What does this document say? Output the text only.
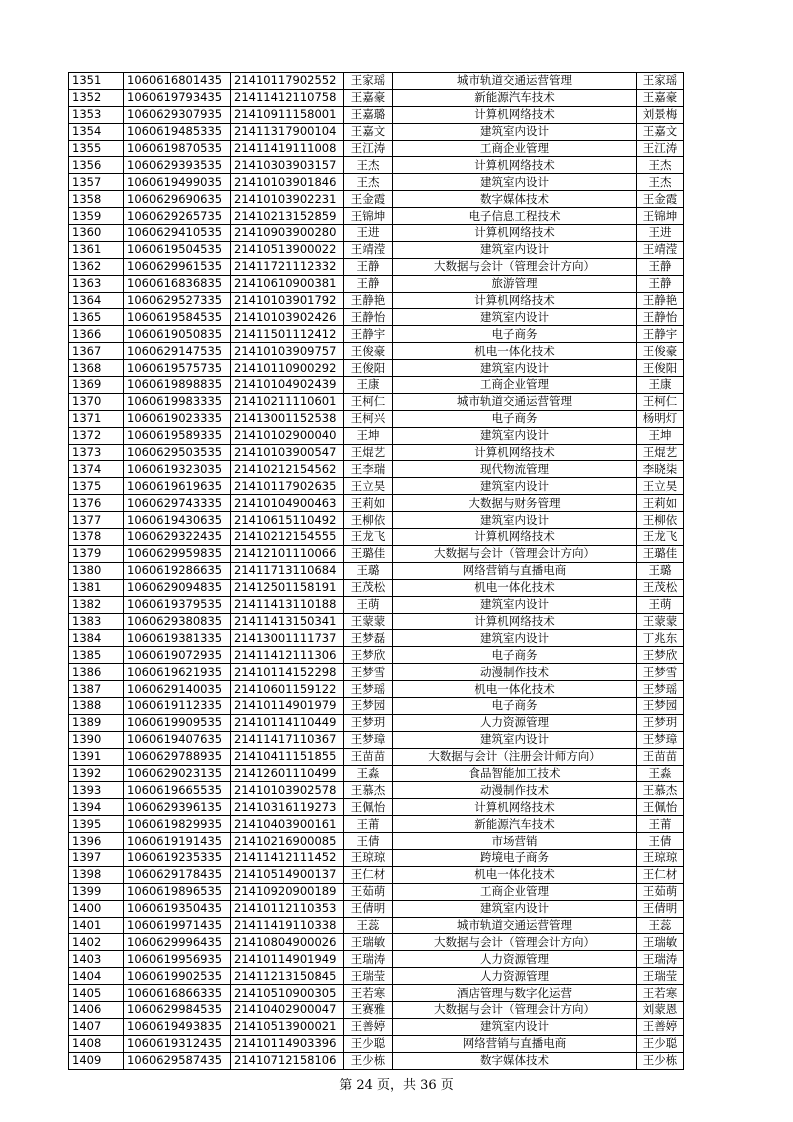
1351	1060616801435	21410117902552	王家瑶	城市轨道交通运营管理	王家瑶
1352	1060619793435	21411412110758	王嘉豪	新能源汽车技术	王嘉豪
1353	1060629307935	21410911158001	王嘉璐	计算机网络技术	刘景梅
1354	1060619485335	21411317900104	王嘉文	建筑室内设计	王嘉文
1355	1060619870535	21411419111008	王江涛	工商企业管理	王江涛
1356	1060629393535	21410303903157	王杰	计算机网络技术	王杰
1357	1060619499035	21410103901846	王杰	建筑室内设计	王杰
1358	1060629690635	21410103902231	王金霞	数字媒体技术	王金霞
1359	1060629265735	21410213152859	王锦坤	电子信息工程技术	王锦坤
1360	1060629410535	21410903900280	王进	计算机网络技术	王进
1361	1060619504535	21410513900022	王靖滢	建筑室内设计	王靖滢
1362	1060629961535	21411721112332	王静	大数据与会计（管理会计方向）	王静
1363	1060616836835	21410610900381	王静	旅游管理	王静
1364	1060629527335	21410103901792	王静艳	计算机网络技术	王静艳
1365	1060619584535	21410103902426	王静怡	建筑室内设计	王静怡
1366	1060619050835	21411501112412	王静宇	电子商务	王静宇
1367	1060629147535	21410103909757	王俊豪	机电一体化技术	王俊豪
1368	1060619575735	21410110900292	王俊阳	建筑室内设计	王俊阳
1369	1060619898835	21410104902439	王康	工商企业管理	王康
1370	1060619983335	21410211110601	王柯仁	城市轨道交通运营管理	王柯仁
1371	1060619023335	21413001152538	王柯兴	电子商务	杨明灯
1372	1060619589335	21410102900040	王坤	建筑室内设计	王坤
1373	1060629503535	21410103900547	王焜艺	计算机网络技术	王焜艺
1374	1060619323035	21410212154562	王李瑞	现代物流管理	李晓柒
1375	1060619619635	21410117902635	王立昊	建筑室内设计	王立昊
1376	1060629743335	21410104900463	王莉如	大数据与财务管理	王莉如
1377	1060619430635	21410615110492	王柳依	建筑室内设计	王柳依
1378	1060629322435	21410212154555	王龙飞	计算机网络技术	王龙飞
1379	1060629959835	21412101110066	王璐佳	大数据与会计（管理会计方向）	王璐佳
1380	1060619286635	21411713110684	王璐	网络营销与直播电商	王璐
1381	1060629094835	21412501158191	王茂松	机电一体化技术	王茂松
1382	1060619379535	21411413110188	王萌	建筑室内设计	王萌
1383	1060629380835	21411413150341	王蒙蒙	计算机网络技术	王蒙蒙
1384	1060619381335	21413001111737	王梦磊	建筑室内设计	丁兆东
1385	1060619072935	21411412111306	王梦欣	电子商务	王梦欣
1386	1060619621935	21410114152298	王梦雪	动漫制作技术	王梦雪
1387	1060629140035	21410601159122	王梦瑶	机电一体化技术	王梦瑶
1388	1060619112335	21410114901979	王梦园	电子商务	王梦园
1389	1060619909535	21410114110449	王梦玥	人力资源管理	王梦玥
1390	1060619407635	21411417110367	王梦璋	建筑室内设计	王梦璋
1391	1060629788935	21410411151855	王苗苗	大数据与会计（注册会计师方向）	王苗苗
1392	1060629023135	21412601110499	王淼	食品智能加工技术	王淼
1393	1060619665535	21410103902578	王慕杰	动漫制作技术	王慕杰
1394	1060629396135	21410316119273	王佩怡	计算机网络技术	王佩怡
1395	1060619829935	21410403900161	王莆	新能源汽车技术	王莆
1396	1060619191435	21410216900085	王倩	市场营销	王倩
1397	1060619235335	21411412111452	王琼琼	跨境电子商务	王琼琼
1398	1060629178435	21410514900137	王仁材	机电一体化技术	王仁材
1399	1060619896535	21410920900189	王茹萌	工商企业管理	王茹萌
1400	1060619350435	21410112110353	王倩明	建筑室内设计	王倩明
1401	1060619971435	21411419110338	王蕊	城市轨道交通运营管理	王蕊
1402	1060629996435	21410804900026	王瑞敏	大数据与会计（管理会计方向）	王瑞敏
1403	1060619956935	21410114901949	王瑞涛	人力资源管理	王瑞涛
1404	1060619902535	21411213150845	王瑞莹	人力资源管理	王瑞莹
1405	1060616866335	21410510900305	王若寒	酒店管理与数字化运营	王若寒
1406	1060629984535	21410402900047	王赛雅	大数据与会计（管理会计方向）	刘蒙恩
1407	1060619493835	21410513900021	王善婷	建筑室内设计	王善婷
1408	1060619312435	21410114903396	王少聪	网络营销与直播电商	王少聪
1409	1060629587435	21410712158106	王少栋	数字媒体技术	王少栋
第 24 页，共 36 页
